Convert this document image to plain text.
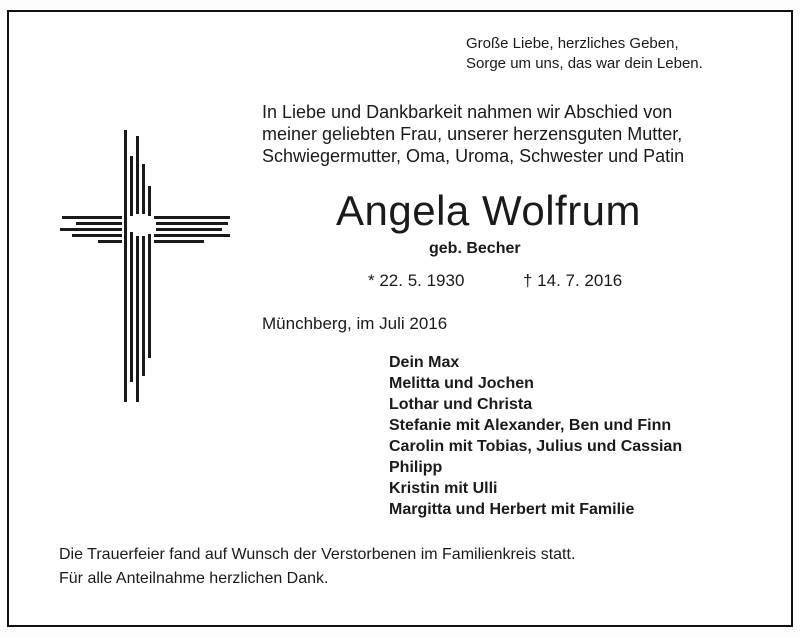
Große Liebe, herzliches Geben,
Sorge um uns, das war dein Leben.
In Liebe und Dankbarkeit nahmen wir Abschied von
meiner geliebten Frau, unserer herzensguten Mutter,
Schwiegermutter, Oma, Uroma, Schwester und Patin
Angela Wolfrum
geb. Becher
* 22. 5. 1930	† 14. 7. 2016
Münchberg, im Juli 2016
Dein Max
Melitta und Jochen
Lothar und Christa
Stefanie mit Alexander, Ben und Finn
Carolin mit Tobias, Julius und Cassian
Philipp
Kristin mit Ulli
Margitta und Herbert mit Familie
Die Trauerfeier fand auf Wunsch der Verstorbenen im Familienkreis statt.
Für alle Anteilnahme herzlichen Dank.
